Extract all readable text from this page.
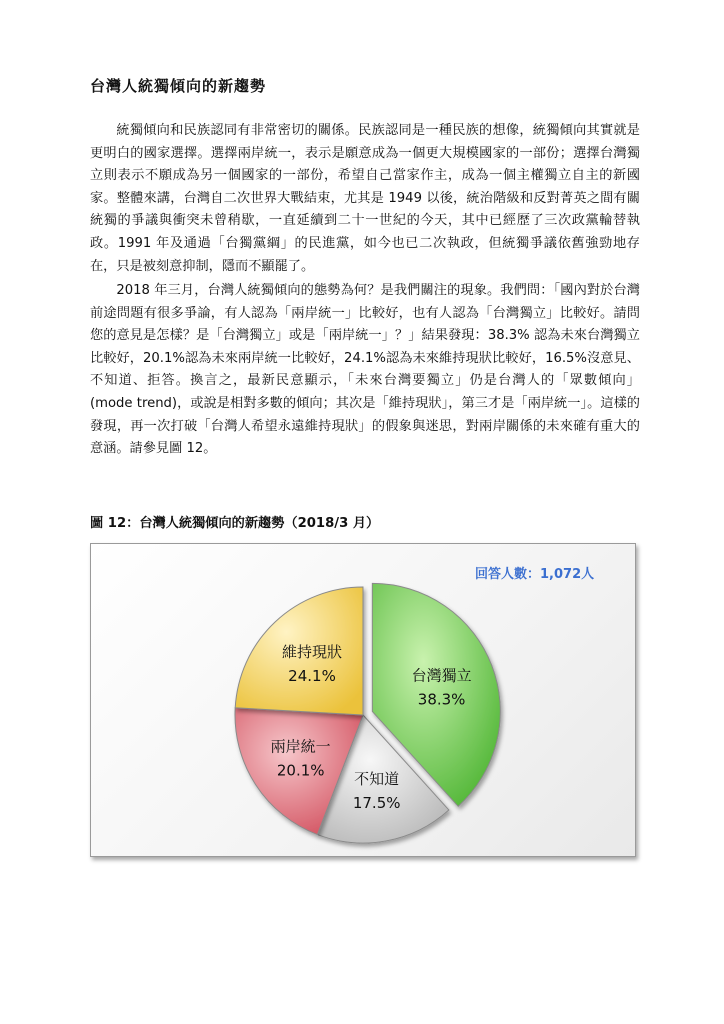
台灣人統獨傾向的新趨勢

統獨傾向和民族認同有非常密切的關係。民族認同是一種民族的想像，統獨傾向其實就是更明白的國家選擇。選擇兩岸統一，表示是願意成為一個更大規模國家的一部份；選擇台灣獨立則表示不願成為另一個國家的一部份，希望自己當家作主，成為一個主權獨立自主的新國家。整體來講，台灣自二次世界大戰結束，尤其是 1949 以後，統治階級和反對菁英之間有關統獨的爭議與衝突未曾稍歇，一直延續到二十一世紀的今天，其中已經歷了三次政黨輪替執政。1991 年及通過「台獨黨綱」的民進黨，如今也已二次執政，但統獨爭議依舊強勁地存在，只是被刻意抑制，隱而不顯罷了。

2018 年三月，台灣人統獨傾向的態勢為何？是我們關注的現象。我們問：「國內對於台灣前途問題有很多爭論，有人認為「兩岸統一」比較好，也有人認為「台灣獨立」比較好。請問您的意見是怎樣？是「台灣獨立」或是「兩岸統一」？」結果發現：38.3% 認為未來台灣獨立比較好，20.1%認為未來兩岸統一比較好，24.1%認為未來維持現狀比較好，16.5%沒意見、不知道、拒答。換言之，最新民意顯示，「未來台灣要獨立」仍是台灣人的「眾數傾向」(mode trend)，或說是相對多數的傾向；其次是「維持現狀」，第三才是「兩岸統一」。這樣的發現，再一次打破「台灣人希望永遠維持現狀」的假象與迷思，對兩岸關係的未來確有重大的意涵。請參見圖 12。

圖 12：台灣人統獨傾向的新趨勢（2018/3 月）

回答人數：1,072人
台灣獨立
38.3%
不知道
17.5%
兩岸統一
20.1%
維持現狀
24.1%
